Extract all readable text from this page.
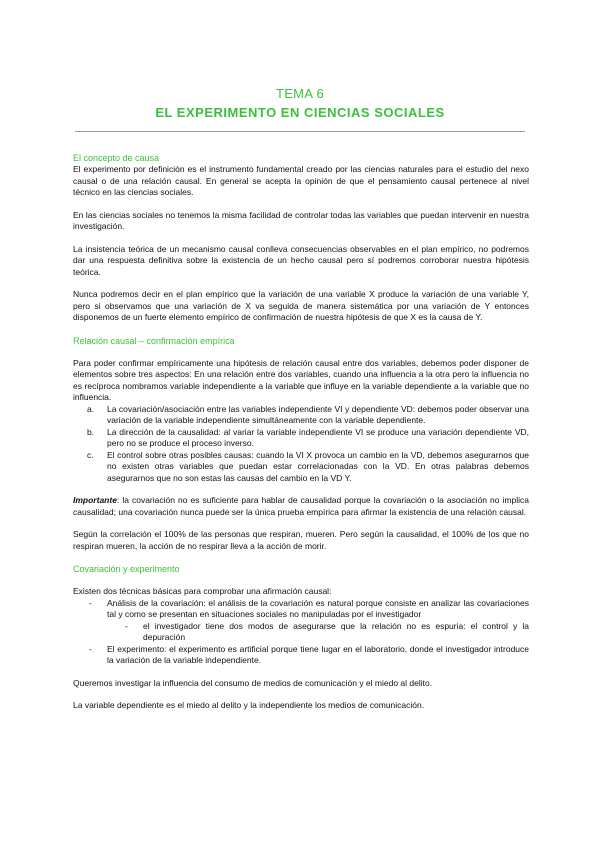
TEMA 6
EL EXPERIMENTO EN CIENCIAS SOCIALES
El concepto de causa

El experimento por definición es el instrumento fundamental creado por las ciencias naturales para el estudio del nexo causal o de una relación causal. En general se acepta la opinión de que el pensamiento causal pertenece al nivel técnico en las ciencias sociales.

En las ciencias sociales no tenemos la misma facilidad de controlar todas las variables que puedan intervenir en nuestra investigación.

La insistencia teórica de un mecanismo causal conlleva consecuencias observables en el plan empírico, no podremos dar una respuesta definitiva sobre la existencia de un hecho causal pero sí podremos corroborar nuestra hipótesis teórica.

Nunca podremos decir en el plan empírico que la variación de una variable X produce la variación de una variable Y, pero si observamos que una variación de X va seguida de manera sistemática por una variación de Y entonces disponemos de un fuerte elemento empírico de confirmación de nuestra hipótesis de que X es la causa de Y.

Relación causal – confirmación empírica

Para poder confirmar empíricamente una hipótesis de relación causal entre dos variables, debemos poder disponer de elementos sobre tres aspectos: En una relación entre dos variables, cuando una influencia a la otra pero la influencia no es recíproca nombramos variable independiente a la variable que influye en la variable dependiente a la variable que no influencia.

a. La covariación/asociación entre las variables independiente VI y dependiente VD: debemos poder observar una variación de la variable independiente simultáneamente con la variable dependiente.
b. La dirección de la causalidad: al variar la variable independiente VI se produce una variación dependiente VD, pero no se produce el proceso inverso.
c. El control sobre otras posibles causas: cuando la VI X provoca un cambio en la VD, debemos asegurarnos que no existen otras variables que puedan estar correlacionadas con la VD. En otras palabras debemos asegurarnos que no son estas las causas del cambio en la VD Y.

Importante: la covariación no es suficiente para hablar de causalidad porque la covariación o la asociación no implica causalidad; una covariación nunca puede ser la única prueba empírica para afirmar la existencia de una relación causal.

Según la correlación el 100% de las personas que respiran, mueren. Pero según la causalidad, el 100% de los que no respiran mueren, la acción de no respirar lleva a la acción de morir.

Covariación y experimento

Existen dos técnicas básicas para comprobar una afirmación causal:

- Análisis de la covariación: el análisis de la covariación es natural porque consiste en analizar las covariaciones tal y como se presentan en situaciones sociales no manipuladas por el investigador
- el investigador tiene dos modos de asegurarse que la relación no es espuria: el control y la depuración
- El experimento: el experimento es artificial porque tiene lugar en el laboratorio, donde el investigador introduce la variación de la variable independiente.

Queremos investigar la influencia del consumo de medios de comunicación y el miedo al delito.

La variable dependiente es el miedo al delito y la independiente los medios de comunicación.
